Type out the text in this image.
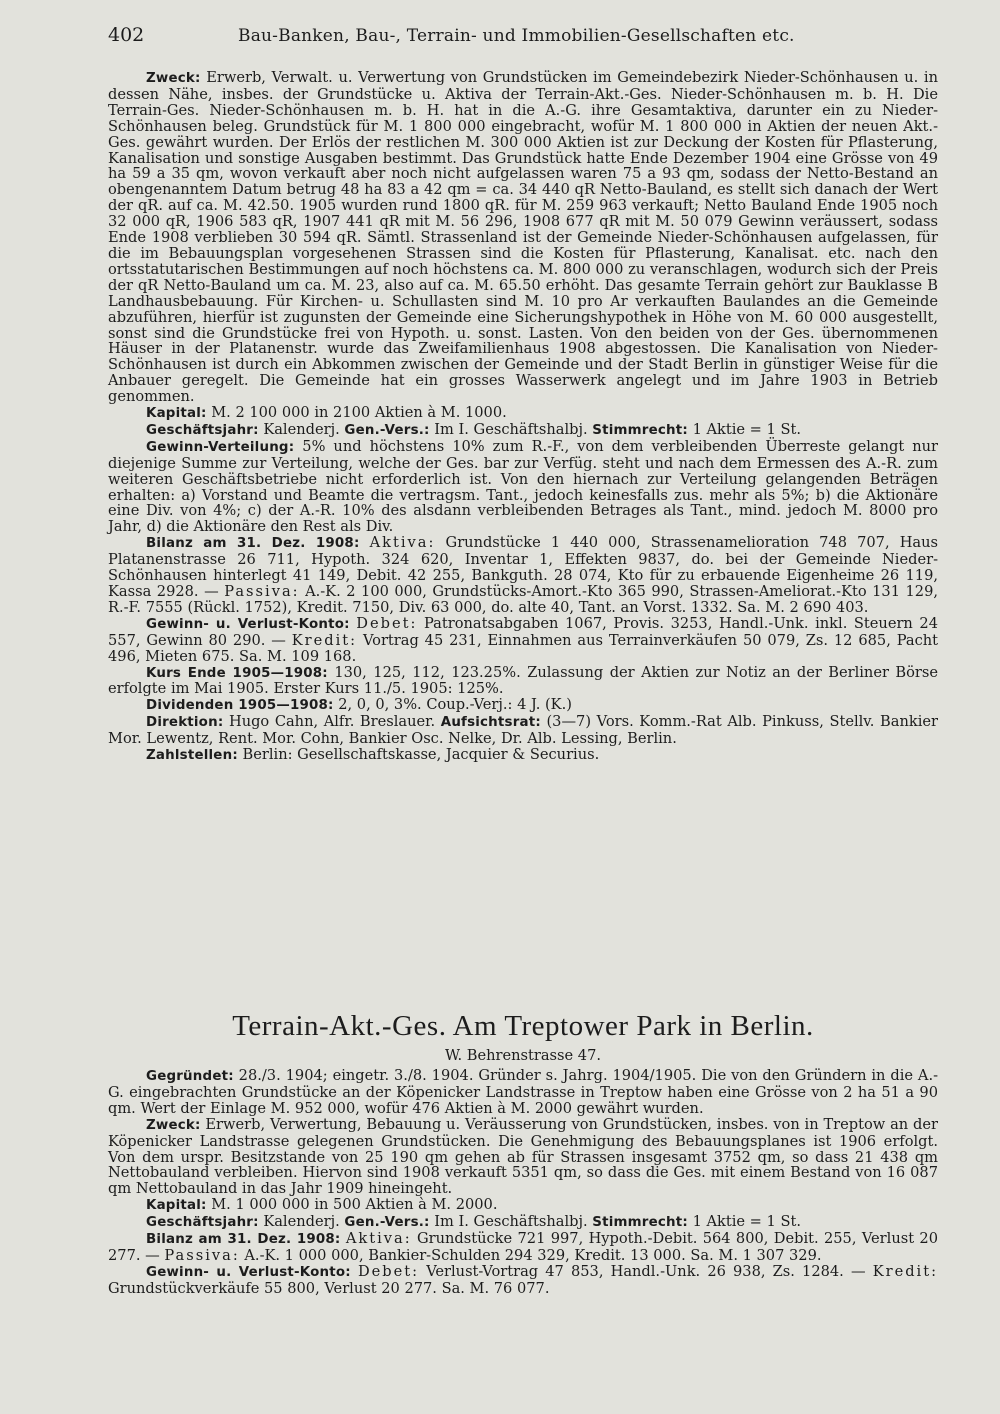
402	Bau-Banken, Bau-, Terrain- und Immobilien-Gesellschaften etc.

Zweck: Erwerb, Verwalt. u. Verwertung von Grundstücken im Gemeindebezirk Nieder-Schönhausen u. in dessen Nähe, insbes. der Grundstücke u. Aktiva der Terrain-Akt.-Ges. Nieder-Schönhausen m. b. H. Die Terrain-Ges. Nieder-Schönhausen m. b. H. hat in die A.-G. ihre Gesamtaktiva, darunter ein zu Nieder-Schönhausen beleg. Grundstück für M. 1 800 000 eingebracht, wofür M. 1 800 000 in Aktien der neuen Akt.-Ges. gewährt wurden. Der Erlös der restlichen M. 300 000 Aktien ist zur Deckung der Kosten für Pflasterung, Kanalisation und sonstige Ausgaben bestimmt. Das Grundstück hatte Ende Dezember 1904 eine Grösse von 49 ha 59 a 35 qm, wovon verkauft aber noch nicht aufgelassen waren 75 a 93 qm, sodass der Netto-Bestand an obengenanntem Datum betrug 48 ha 83 a 42 qm = ca. 34 440 qR Netto-Bauland, es stellt sich danach der Wert der qR. auf ca. M. 42.50. 1905 wurden rund 1800 qR. für M. 259 963 verkauft; Netto Bauland Ende 1905 noch 32 000 qR, 1906 583 qR, 1907 441 qR mit M. 56 296, 1908 677 qR mit M. 50 079 Gewinn veräussert, sodass Ende 1908 verblieben 30 594 qR. Sämtl. Strassenland ist der Gemeinde Nieder-Schönhausen aufgelassen, für die im Bebauungsplan vorgesehenen Strassen sind die Kosten für Pflasterung, Kanalisat. etc. nach den ortsstatutarischen Bestimmungen auf noch höchstens ca. M. 800 000 zu veranschlagen, wodurch sich der Preis der qR Netto-Bauland um ca. M. 23, also auf ca. M. 65.50 erhöht. Das gesamte Terrain gehört zur Bauklasse B Landhausbebauung. Für Kirchen- u. Schullasten sind M. 10 pro Ar verkauften Baulandes an die Gemeinde abzuführen, hierfür ist zugunsten der Gemeinde eine Sicherungshypothek in Höhe von M. 60 000 ausgestellt, sonst sind die Grundstücke frei von Hypoth. u. sonst. Lasten. Von den beiden von der Ges. übernommenen Häuser in der Platanenstr. wurde das Zweifamilienhaus 1908 abgestossen. Die Kanalisation von Nieder-Schönhausen ist durch ein Abkommen zwischen der Gemeinde und der Stadt Berlin in günstiger Weise für die Anbauer geregelt. Die Gemeinde hat ein grosses Wasserwerk angelegt und im Jahre 1903 in Betrieb genommen.

Kapital: M. 2 100 000 in 2100 Aktien à M. 1000.

Geschäftsjahr: Kalenderj. Gen.-Vers.: Im I. Geschäftshalbj. Stimmrecht: 1 Aktie = 1 St.

Gewinn-Verteilung: 5% und höchstens 10% zum R.-F., von dem verbleibenden Überreste gelangt nur diejenige Summe zur Verteilung, welche der Ges. bar zur Verfüg. steht und nach dem Ermessen des A.-R. zum weiteren Geschäftsbetriebe nicht erforderlich ist. Von den hiernach zur Verteilung gelangenden Beträgen erhalten: a) Vorstand und Beamte die vertragsm. Tant., jedoch keinesfalls zus. mehr als 5%; b) die Aktionäre eine Div. von 4%; c) der A.-R. 10% des alsdann verbleibenden Betrages als Tant., mind. jedoch M. 8000 pro Jahr, d) die Aktionäre den Rest als Div.

Bilanz am 31. Dez. 1908: Aktiva: Grundstücke 1 440 000, Strassenamelioration 748 707, Haus Platanenstrasse 26 711, Hypoth. 324 620, Inventar 1, Effekten 9837, do. bei der Gemeinde Nieder-Schönhausen hinterlegt 41 149, Debit. 42 255, Bankguth. 28 074, Kto für zu erbauende Eigenheime 26 119, Kassa 2928. — Passiva: A.-K. 2 100 000, Grundstücks-Amort.-Kto 365 990, Strassen-Ameliorat.-Kto 131 129, R.-F. 7555 (Rückl. 1752), Kredit. 7150, Div. 63 000, do. alte 40, Tant. an Vorst. 1332. Sa. M. 2 690 403.

Gewinn- u. Verlust-Konto: Debet: Patronatsabgaben 1067, Provis. 3253, Handl.-Unk. inkl. Steuern 24 557, Gewinn 80 290. — Kredit: Vortrag 45 231, Einnahmen aus Terrainverkäufen 50 079, Zs. 12 685, Pacht 496, Mieten 675. Sa. M. 109 168.

Kurs Ende 1905—1908: 130, 125, 112, 123.25%. Zulassung der Aktien zur Notiz an der Berliner Börse erfolgte im Mai 1905. Erster Kurs 11./5. 1905: 125%.

Dividenden 1905—1908: 2, 0, 0, 3%. Coup.-Verj.: 4 J. (K.)

Direktion: Hugo Cahn, Alfr. Breslauer. Aufsichtsrat: (3—7) Vors. Komm.-Rat Alb. Pinkuss, Stellv. Bankier Mor. Lewentz, Rent. Mor. Cohn, Bankier Osc. Nelke, Dr. Alb. Lessing, Berlin.

Zahlstellen: Berlin: Gesellschaftskasse, Jacquier & Securius.

Terrain-Akt.-Ges. Am Treptower Park in Berlin.
W. Behrenstrasse 47.

Gegründet: 28./3. 1904; eingetr. 3./8. 1904. Gründer s. Jahrg. 1904/1905. Die von den Gründern in die A.-G. eingebrachten Grundstücke an der Köpenicker Landstrasse in Treptow haben eine Grösse von 2 ha 51 a 90 qm. Wert der Einlage M. 952 000, wofür 476 Aktien à M. 2000 gewährt wurden.

Zweck: Erwerb, Verwertung, Bebauung u. Veräusserung von Grundstücken, insbes. von in Treptow an der Köpenicker Landstrasse gelegenen Grundstücken. Die Genehmigung des Bebauungsplanes ist 1906 erfolgt. Von dem urspr. Besitzstande von 25 190 qm gehen ab für Strassen insgesamt 3752 qm, so dass 21 438 qm Nettobauland verbleiben. Hiervon sind 1908 verkauft 5351 qm, so dass die Ges. mit einem Bestand von 16 087 qm Nettobauland in das Jahr 1909 hineingeht.

Kapital: M. 1 000 000 in 500 Aktien à M. 2000.

Geschäftsjahr: Kalenderj. Gen.-Vers.: Im I. Geschäftshalbj. Stimmrecht: 1 Aktie = 1 St.

Bilanz am 31. Dez. 1908: Aktiva: Grundstücke 721 997, Hypoth.-Debit. 564 800, Debit. 255, Verlust 20 277. — Passiva: A.-K. 1 000 000, Bankier-Schulden 294 329, Kredit. 13 000. Sa. M. 1 307 329.

Gewinn- u. Verlust-Konto: Debet: Verlust-Vortrag 47 853, Handl.-Unk. 26 938, Zs. 1284. — Kredit: Grundstückverkäufe 55 800, Verlust 20 277. Sa. M. 76 077.
